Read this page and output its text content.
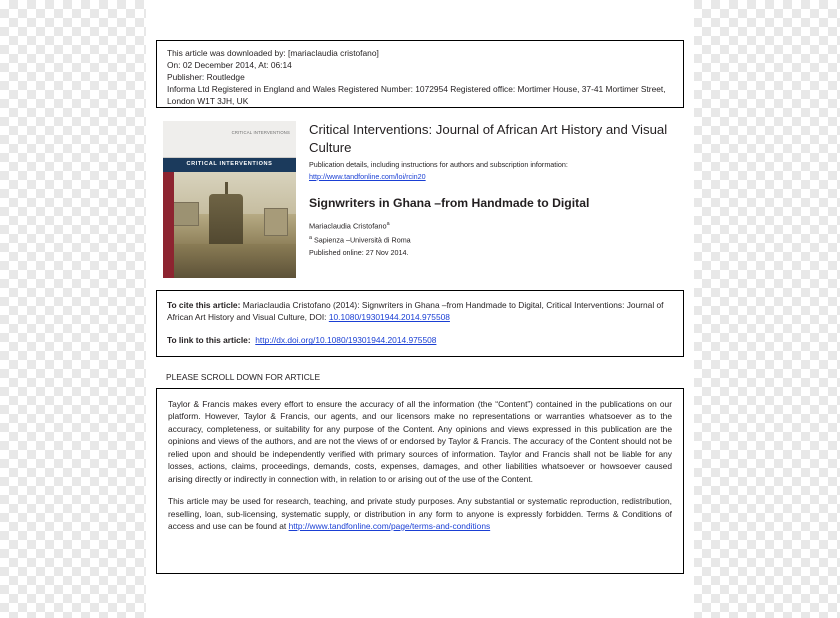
This article was downloaded by: [mariaclaudia cristofano]
On: 02 December 2014, At: 06:14
Publisher: Routledge
Informa Ltd Registered in England and Wales Registered Number: 1072954 Registered office: Mortimer House, 37-41 Mortimer Street, London W1T 3JH, UK
CRITICAL INTERVENTIONS
CRITICAL INTERVENTIONS
Critical Interventions: Journal of African Art History and Visual Culture
Publication details, including instructions for authors and subscription information:
http://www.tandfonline.com/loi/rcin20
Signwriters in Ghana –from Handmade to Digital
Mariaclaudia Cristofano$^a$
$^a$ Sapienza –Università di Roma
Published online: 27 Nov 2014.
To cite this article: Mariaclaudia Cristofano (2014): Signwriters in Ghana –from Handmade to Digital, Critical Interventions: Journal of African Art History and Visual Culture, DOI: 10.1080/19301944.2014.975508
To link to this article: http://dx.doi.org/10.1080/19301944.2014.975508
PLEASE SCROLL DOWN FOR ARTICLE

Taylor & Francis makes every effort to ensure the accuracy of all the information (the “Content”) contained in the publications on our platform. However, Taylor & Francis, our agents, and our licensors make no representations or warranties whatsoever as to the accuracy, completeness, or suitability for any purpose of the Content. Any opinions and views expressed in this publication are the opinions and views of the authors, and are not the views of or endorsed by Taylor & Francis. The accuracy of the Content should not be relied upon and should be independently verified with primary sources of information. Taylor and Francis shall not be liable for any losses, actions, claims, proceedings, demands, costs, expenses, damages, and other liabilities whatsoever or howsoever caused arising directly or indirectly in connection with, in relation to or arising out of the use of the Content.

This article may be used for research, teaching, and private study purposes. Any substantial or systematic reproduction, redistribution, reselling, loan, sub-licensing, systematic supply, or distribution in any form to anyone is expressly forbidden. Terms & Conditions of access and use can be found at http://www.tandfonline.com/page/terms-and-conditions
